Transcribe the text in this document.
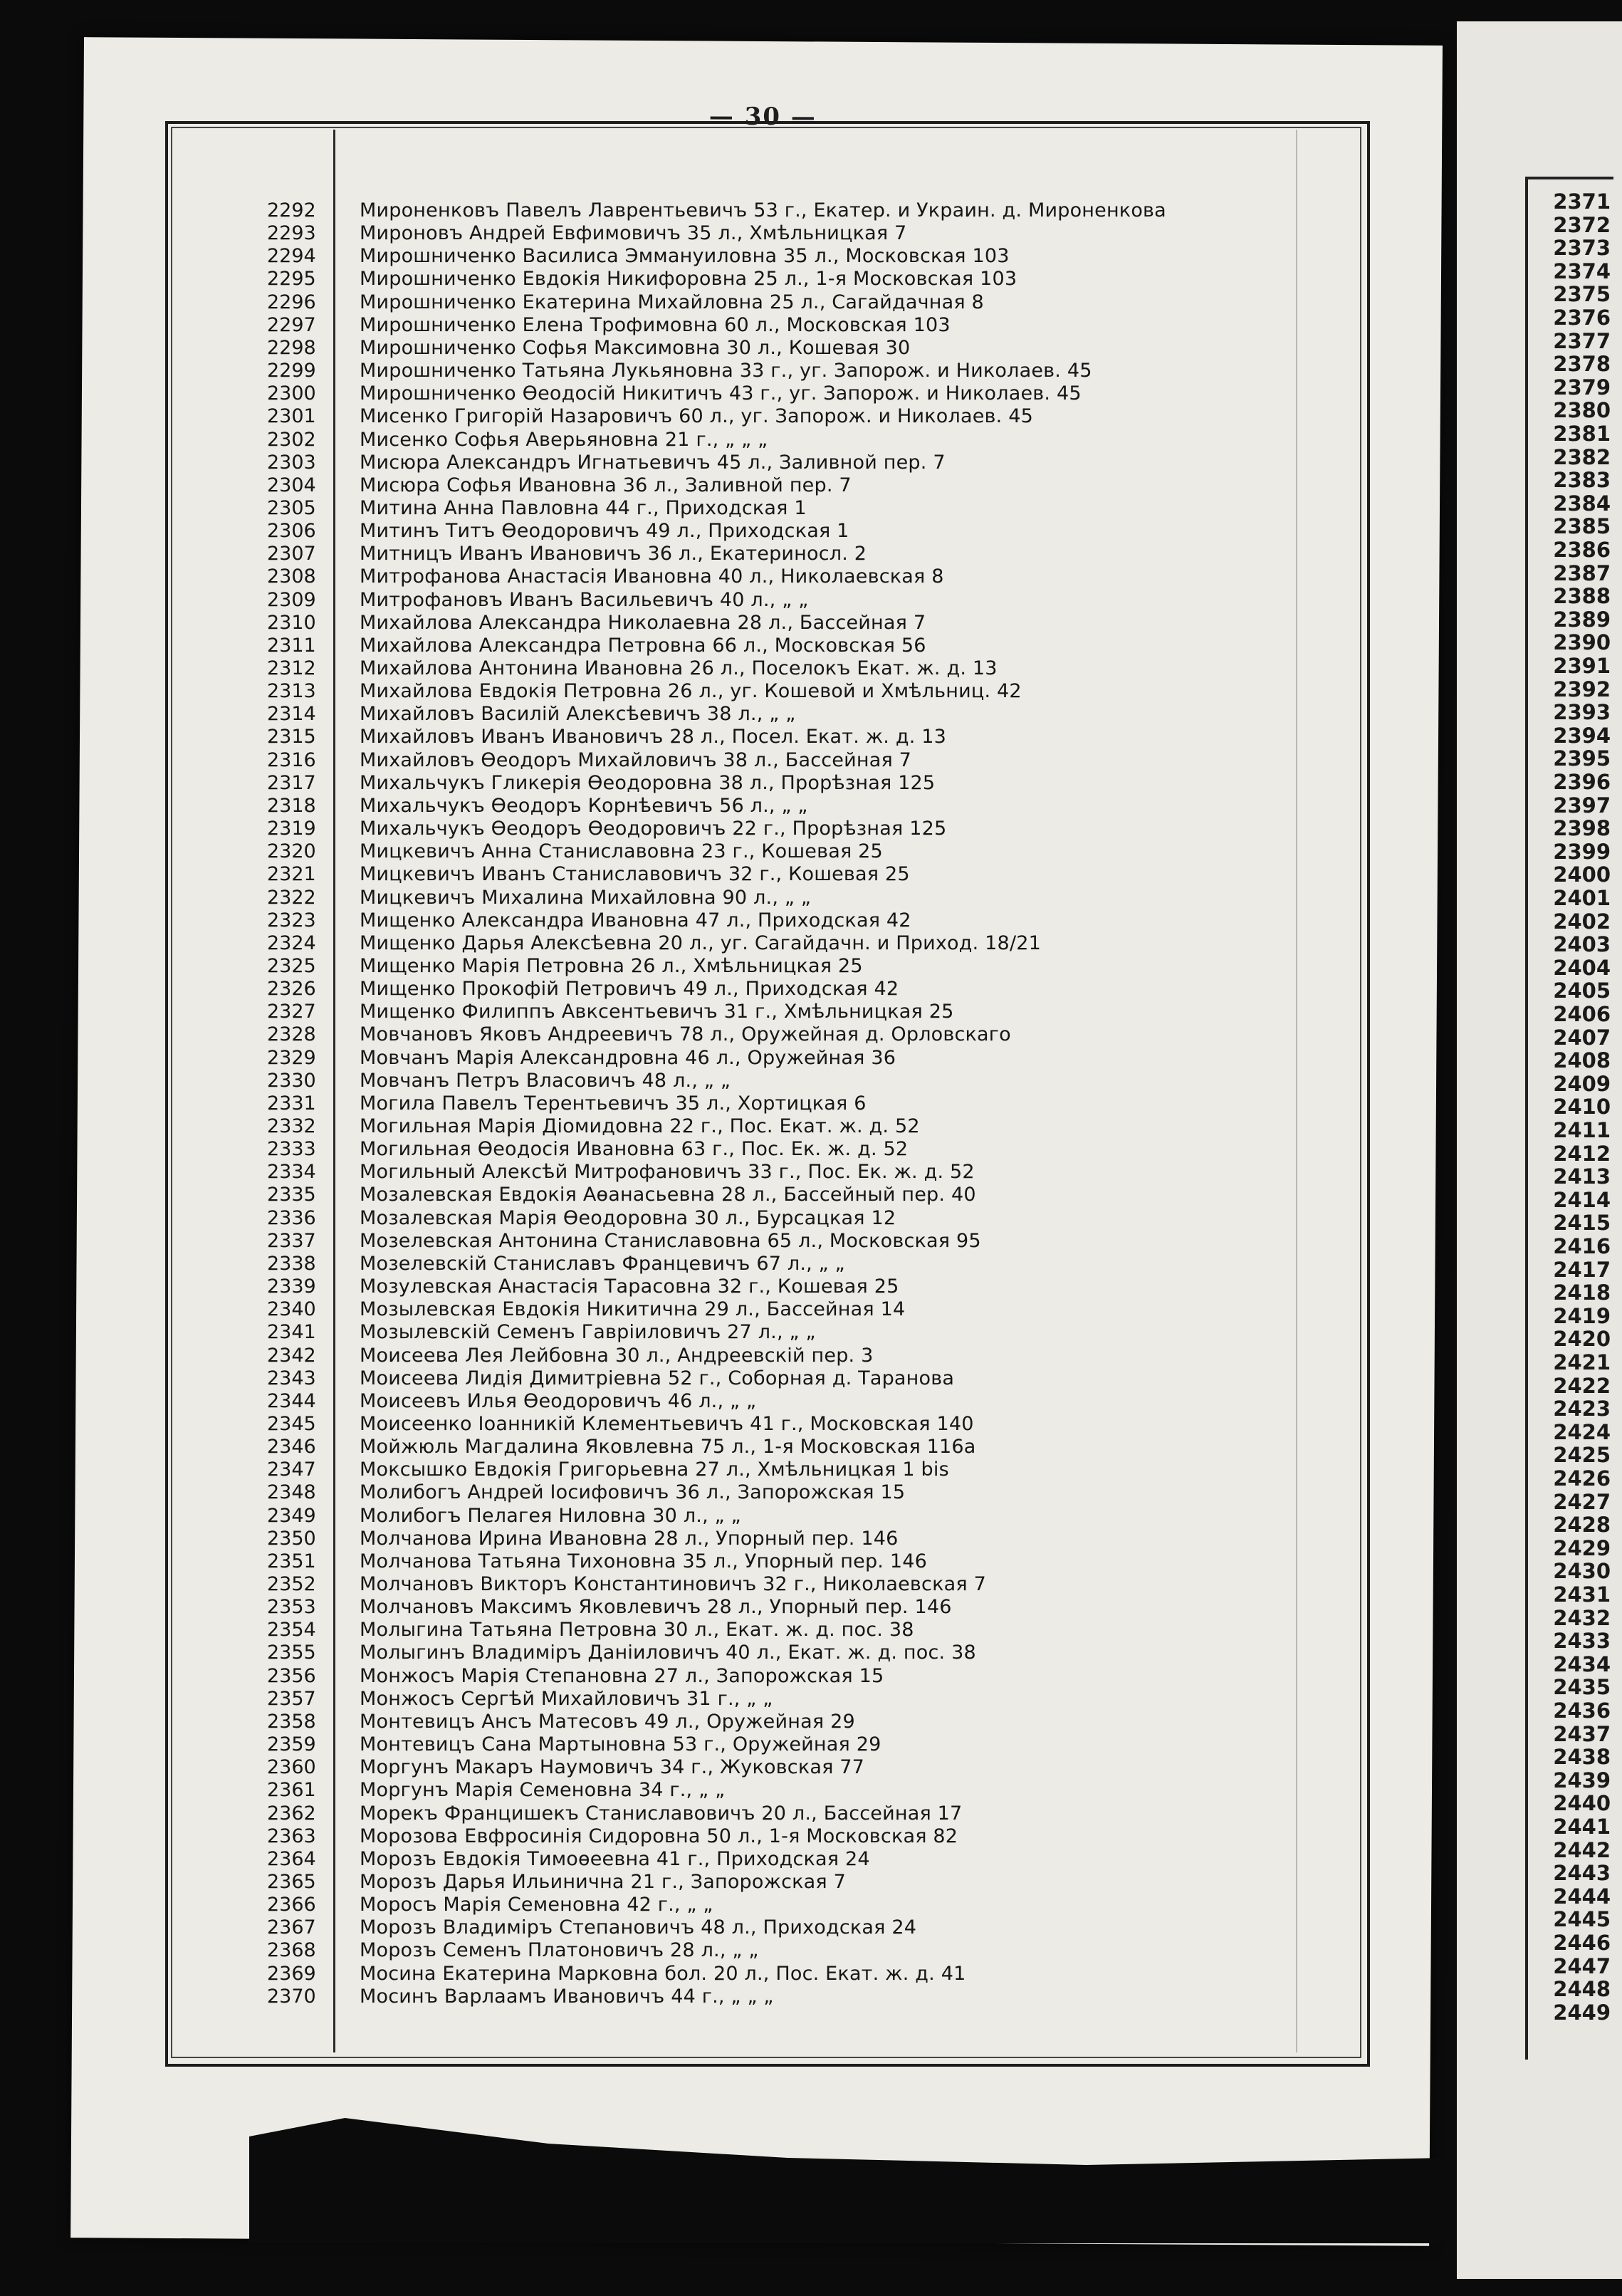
2371
2372
2373
2374
2375
2376
2377
2378
2379
2380
2381
2382
2383
2384
2385
2386
2387
2388
2389
2390
2391
2392
2393
2394
2395
2396
2397
2398
2399
2400
2401
2402
2403
2404
2405
2406
2407
2408
2409
2410
2411
2412
2413
2414
2415
2416
2417
2418
2419
2420
2421
2422
2423
2424
2425
2426
2427
2428
2429
2430
2431
2432
2433
2434
2435
2436
2437
2438
2439
2440
2441
2442
2443
2444
2445
2446
2447
2448
2449
— 30 —
2292	Мироненковъ Павелъ Лаврентьевичъ 53 г., Екатер. и Украин. д. Мироненкова
2293	Мироновъ Андрей Евфимовичъ 35 л., Хмѣльницкая 7
2294	Мирошниченко Василиса Эммануиловна 35 л., Московская 103
2295	Мирошниченко Евдокія Никифоровна 25 л., 1-я Московская 103
2296	Мирошниченко Екатерина Михайловна 25 л., Сагайдачная 8
2297	Мирошниченко Елена Трофимовна 60 л., Московская 103
2298	Мирошниченко Софья Максимовна 30 л., Кошевая 30
2299	Мирошниченко Татьяна Лукьяновна 33 г., уг. Запорож. и Николаев. 45
2300	Мирошниченко Ѳеодосій Никитичъ 43 г., уг. Запорож. и Николаев. 45
2301	Мисенко Григорій Назаровичъ 60 л., уг. Запорож. и Николаев. 45
2302	Мисенко Софья Аверьяновна 21 г., „ „ „
2303	Мисюра Александръ Игнатьевичъ 45 л., Заливной пер. 7
2304	Мисюра Софья Ивановна 36 л., Заливной пер. 7
2305	Митина Анна Павловна 44 г., Приходская 1
2306	Митинъ Титъ Ѳеодоровичъ 49 л., Приходская 1
2307	Митницъ Иванъ Ивановичъ 36 л., Екатериносл. 2
2308	Митрофанова Анастасія Ивановна 40 л., Николаевская 8
2309	Митрофановъ Иванъ Васильевичъ 40 л., „ „
2310	Михайлова Александра Николаевна 28 л., Бассейная 7
2311	Михайлова Александра Петровна 66 л., Московская 56
2312	Михайлова Антонина Ивановна 26 л., Поселокъ Екат. ж. д. 13
2313	Михайлова Евдокія Петровна 26 л., уг. Кошевой и Хмѣльниц. 42
2314	Михайловъ Василій Алексѣевичъ 38 л., „ „
2315	Михайловъ Иванъ Ивановичъ 28 л., Посел. Екат. ж. д. 13
2316	Михайловъ Ѳеодоръ Михайловичъ 38 л., Бассейная 7
2317	Михальчукъ Гликерія Ѳеодоровна 38 л., Прорѣзная 125
2318	Михальчукъ Ѳеодоръ Корнѣевичъ 56 л., „ „
2319	Михальчукъ Ѳеодоръ Ѳеодоровичъ 22 г., Прорѣзная 125
2320	Мицкевичъ Анна Станиславовна 23 г., Кошевая 25
2321	Мицкевичъ Иванъ Станиславовичъ 32 г., Кошевая 25
2322	Мицкевичъ Михалина Михайловна 90 л., „ „
2323	Мищенко Александра Ивановна 47 л., Приходская 42
2324	Мищенко Дарья Алексѣевна 20 л., уг. Сагайдачн. и Приход. 18/21
2325	Мищенко Марія Петровна 26 л., Хмѣльницкая 25
2326	Мищенко Прокофій Петровичъ 49 л., Приходская 42
2327	Мищенко Филиппъ Авксентьевичъ 31 г., Хмѣльницкая 25
2328	Мовчановъ Яковъ Андреевичъ 78 л., Оружейная д. Орловскаго
2329	Мовчанъ Марія Александровна 46 л., Оружейная 36
2330	Мовчанъ Петръ Власовичъ 48 л., „ „
2331	Могила Павелъ Терентьевичъ 35 л., Хортицкая 6
2332	Могильная Марія Діомидовна 22 г., Пос. Екат. ж. д. 52
2333	Могильная Ѳеодосія Ивановна 63 г., Пос. Ек. ж. д. 52
2334	Могильный Алексѣй Митрофановичъ 33 г., Пос. Ек. ж. д. 52
2335	Мозалевская Евдокія Аѳанасьевна 28 л., Бассейный пер. 40
2336	Мозалевская Марія Ѳеодоровна 30 л., Бурсацкая 12
2337	Мозелевская Антонина Станиславовна 65 л., Московская 95
2338	Мозелевскій Станиславъ Францевичъ 67 л., „ „
2339	Мозулевская Анастасія Тарасовна 32 г., Кошевая 25
2340	Мозылевская Евдокія Никитична 29 л., Бассейная 14
2341	Мозылевскій Семенъ Гавріиловичъ 27 л., „ „
2342	Моисеева Лея Лейбовна 30 л., Андреевскій пер. 3
2343	Моисеева Лидія Димитріевна 52 г., Соборная д. Таранова
2344	Моисеевъ Илья Ѳеодоровичъ 46 л., „ „
2345	Моисеенко Іоанникій Клементьевичъ 41 г., Московская 140
2346	Мойжюль Магдалина Яковлевна 75 л., 1-я Московская 116а
2347	Моксышко Евдокія Григорьевна 27 л., Хмѣльницкая 1 bis
2348	Молибогъ Андрей Іосифовичъ 36 л., Запорожская 15
2349	Молибогъ Пелагея Ниловна 30 л., „ „
2350	Молчанова Ирина Ивановна 28 л., Упорный пер. 146
2351	Молчанова Татьяна Тихоновна 35 л., Упорный пер. 146
2352	Молчановъ Викторъ Константиновичъ 32 г., Николаевская 7
2353	Молчановъ Максимъ Яковлевичъ 28 л., Упорный пер. 146
2354	Молыгина Татьяна Петровна 30 л., Екат. ж. д. пос. 38
2355	Молыгинъ Владиміръ Даніиловичъ 40 л., Екат. ж. д. пос. 38
2356	Монжосъ Марія Степановна 27 л., Запорожская 15
2357	Монжосъ Сергѣй Михайловичъ 31 г., „ „
2358	Монтевицъ Ансъ Матесовъ 49 л., Оружейная 29
2359	Монтевицъ Сана Мартыновна 53 г., Оружейная 29
2360	Моргунъ Макаръ Наумовичъ 34 г., Жуковская 77
2361	Моргунъ Марія Семеновна 34 г., „ „
2362	Морекъ Францишекъ Станиславовичъ 20 л., Бассейная 17
2363	Морозова Евфросинія Сидоровна 50 л., 1-я Московская 82
2364	Морозъ Евдокія Тимоѳеевна 41 г., Приходская 24
2365	Морозъ Дарья Ильинична 21 г., Запорожская 7
2366	Мороcъ Марія Семеновна 42 г., „ „
2367	Морозъ Владиміръ Степановичъ 48 л., Приходская 24
2368	Морозъ Семенъ Платоновичъ 28 л., „ „
2369	Мосина Екатерина Марковна бол. 20 л., Пос. Екат. ж. д. 41
2370	Мосинъ Варлаамъ Ивановичъ 44 г., „ „ „
